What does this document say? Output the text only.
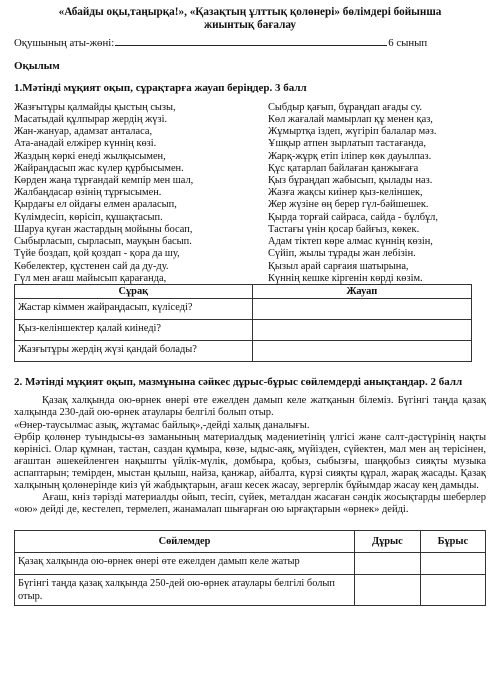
«Абайды оқы,таңырқа!», «Қазақтың ұлттық қолөнері» бөлімдері бойынша жиынтық бағалау
Оқушының аты-жөні:	6 сынып
Оқылым
1.Мәтінді мұқият оқып, сұрақтарға жауап беріңдер. 3 балл
Жазғытұры қалмайды қыстың сызы,
Масатыдай құлпырар жердің жүзі.
Жан-жануар, адамзат анталаса,
Ата-анадай елжірер күннің көзі.
Жаздың көркі енеді жылқысымен,
Жайраңдасып жас күлер құрбысымен.
Көрден жаңа тұрғандай кемпір мен шал,
Жалбаңдасар өзінің тұрғысымен.
Қырдағы ел ойдағы елмен араласып,
Күлімдесіп, көрісіп, құшақтасып.
Шаруа қуған жастардың мойыны босап,
Сыбырласып, сырласып, мауқын басып.
Түйе боздап, қой қоздап - қора да шу,
Көбелектер, құстенен сай да ду-ду.
Гүл мен ағаш майысып қарағанда,
Сыбдыр қағып, бұраңдап ағады су.
Көл жағалай мамырлап құ менен қаз,
Жұмыртқа іздеп, жүгіріп балалар мәз.
Ұшқыр атпен зырлатып тастағанда,
Жарқ-жұрқ етіп іліпер көк дауылпаз.
Құс қатарлап байлаған қанжығаға
Қыз бұраңдап жабысып, қылады наз.
Жазға жақсы киінер қыз-келіншек,
Жер жүзіне өң берер гүл-бәйшешек.
Қырда торғай сайраса, сайда - бұлбұл,
Тастағы үнін қосар байғыз, көкек.
Адам тіктеп көре алмас күннің көзін,
Сүйіп, жылы тұрады жан лебізін.
Қызыл арай сарғаия шатырына,
Күннің кешке кіргенін көрді көзім.
Сұрақ	Жауап
Жастар кіммен жайраңдасып, күліседі?	
Қыз-келіншектер қалай киінеді?	
Жазғытұры жердің жүзі қандай болады?	
2. Мәтінді мұқият оқып, мазмұнына сәйкес дұрыс-бұрыс сөйлемдерді анықтаңдар. 2 балл

Қазақ халқында ою-өрнек өнері өте ежелден дамып келе жатқанын білеміз. Бүгінгі таңда қазақ халқында 230-дай ою-өрнек атаулары белгілі болып отыр.

«Өнер-таусылмас азық, жұтамас байлық»,-дейді халық даналығы.

Әрбір қолөнер туындысы-өз заманының материалдық мәдениетінің үлгісі және салт-дәстүрінің нақты көрінісі. Олар құмнан, тастан, саздан құмыра, көзе, ыдыс-аяқ, мүйізден, сүйектен, мал мен аң терісінен, ағаштан әшекейленген нақышты үйлік-мүлік, домбыра, қобыз, сыбызғы, шаңқобыз сияқты музыка аспаптарын; темірден, мыстан қылыш, найза, қанжар, айбалта, күрзі сияқты құрал, жарақ жасады. Қазақ халқының қолөнерінде киіз үй жабдықтарын, ағаш кесек жасау, зергерлік бұйымдар жасау кең дамыды.

Ағаш, кніз тәрізді материалды ойып, тесіп, сүйек, металдан жасаған сәндік жосықтарды шеберлер «ою» дейді де, кестелеп, термелеп, жанамалап шығарған ою ырғақтарын «өрнек» дейді.

Сөйлемдер	Дұрыс	Бұрыс
Қазақ халқында ою-өрнек өнері өте ежелден дамып келе жатыр		
Бүгінгі таңда қазақ халқында 250-дей ою-өрнек атаулары белгілі болып отыр.		
